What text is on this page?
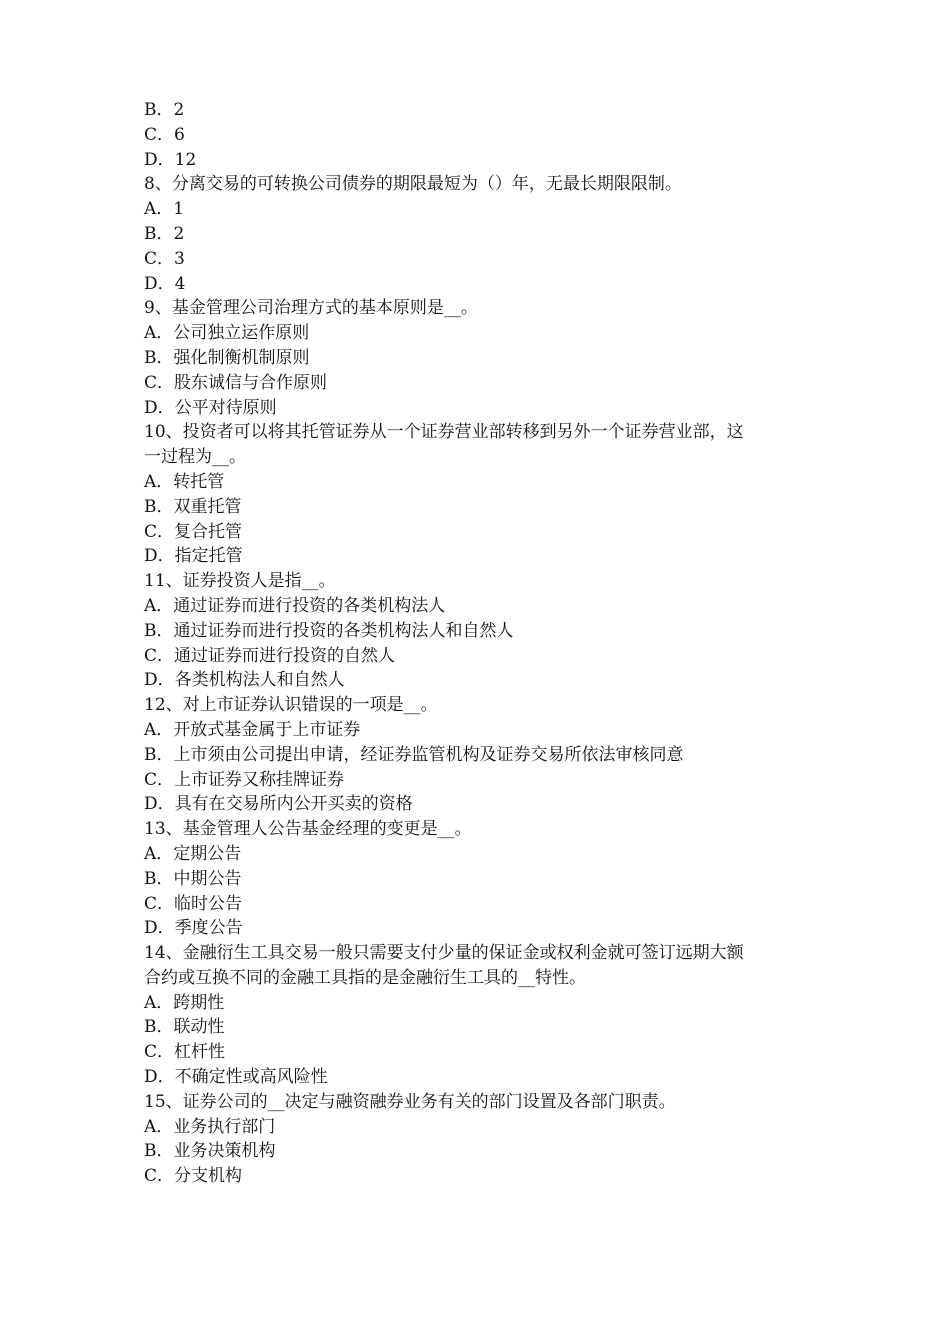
B．2
C．6
D．12
8、分离交易的可转换公司债券的期限最短为（）年，无最长期限限制。
A．1
B．2
C．3
D．4
9、基金管理公司治理方式的基本原则是__。
A．公司独立运作原则
B．强化制衡机制原则
C．股东诚信与合作原则
D．公平对待原则
10、投资者可以将其托管证券从一个证券营业部转移到另外一个证券营业部，这
一过程为__。
A．转托管
B．双重托管
C．复合托管
D．指定托管
11、证券投资人是指__。
A．通过证券而进行投资的各类机构法人
B．通过证券而进行投资的各类机构法人和自然人
C．通过证券而进行投资的自然人
D．各类机构法人和自然人
12、对上市证券认识错误的一项是__。
A．开放式基金属于上市证券
B．上市须由公司提出申请，经证券监管机构及证券交易所依法审核同意
C．上市证券又称挂牌证券
D．具有在交易所内公开买卖的资格
13、基金管理人公告基金经理的变更是__。
A．定期公告
B．中期公告
C．临时公告
D．季度公告
14、金融衍生工具交易一般只需要支付少量的保证金或权利金就可签订远期大额
合约或互换不同的金融工具指的是金融衍生工具的__特性。
A．跨期性
B．联动性
C．杠杆性
D．不确定性或高风险性
15、证券公司的__决定与融资融券业务有关的部门设置及各部门职责。
A．业务执行部门
B．业务决策机构
C．分支机构
